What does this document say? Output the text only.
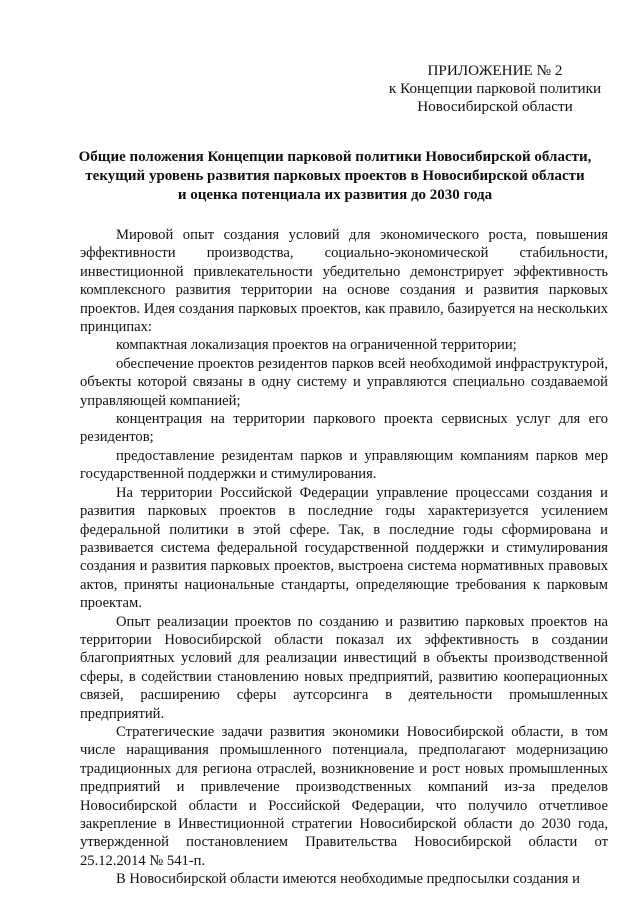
ПРИЛОЖЕНИЕ № 2
к Концепции парковой политики
Новосибирской области
Общие положения Концепции парковой политики Новосибирской области,
текущий уровень развития парковых проектов в Новосибирской области
и оценка потенциала их развития до 2030 года

Мировой опыт создания условий для экономического роста, повышения эффективности производства, социально-экономической стабильности, инвестиционной привлекательности убедительно демонстрирует эффективность комплексного развития территории на основе создания и развития парковых проектов. Идея создания парковых проектов, как правило, базируется на нескольких принципах:

компактная локализация проектов на ограниченной территории;

обеспечение проектов резидентов парков всей необходимой инфраструктурой, объекты которой связаны в одну систему и управляются специально создаваемой управляющей компанией;

концентрация на территории паркового проекта сервисных услуг для его резидентов;

предоставление резидентам парков и управляющим компаниям парков мер государственной поддержки и стимулирования.

На территории Российской Федерации управление процессами создания и развития парковых проектов в последние годы характеризуется усилением федеральной политики в этой сфере. Так, в последние годы сформирована и развивается система федеральной государственной поддержки и стимулирования создания и развития парковых проектов, выстроена система нормативных правовых актов, приняты национальные стандарты, определяющие требования к парковым проектам.

Опыт реализации проектов по созданию и развитию парковых проектов на территории Новосибирской области показал их эффективность в создании благоприятных условий для реализации инвестиций в объекты производственной сферы, в содействии становлению новых предприятий, развитию кооперационных связей, расширению сферы аутсорсинга в деятельности промышленных предприятий.

Стратегические задачи развития экономики Новосибирской области, в том числе наращивания промышленного потенциала, предполагают модернизацию традиционных для региона отраслей, возникновение и рост новых промышленных предприятий и привлечение производственных компаний из-за пределов Новосибирской области и Российской Федерации, что получило отчетливое закрепление в Инвестиционной стратегии Новосибирской области до 2030 года, утвержденной постановлением Правительства Новосибирской области от 25.12.2014 № 541-п.

В Новосибирской области имеются необходимые предпосылки создания и
